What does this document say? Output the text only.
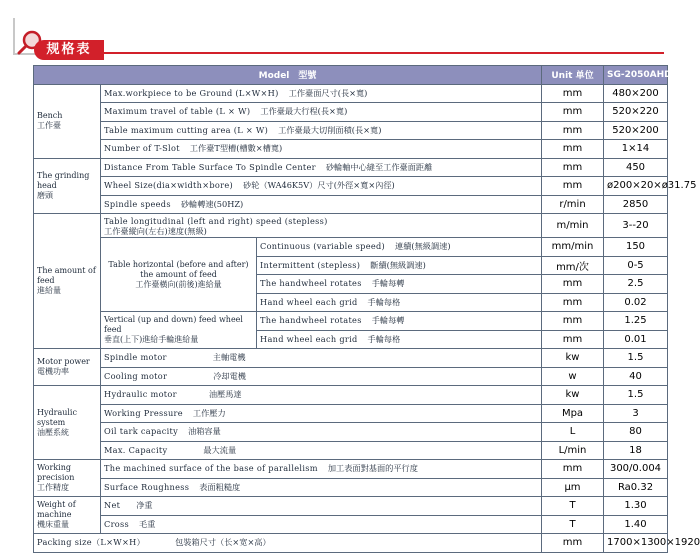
规格表
Model　型號			Unit 单位	SG-2050AHD
Bench
工作臺	Max.workpiece to be Ground (L×W×H) 工作臺面尺寸(長×寬)		mm	480×200
	Maximum travel of table (L × W) 工作臺最大行程(長×寬)		mm	520×220
	Table maximum cutting area (L × W) 工作臺最大切削面積(長×寬)		mm	520×200
	Number of T-Slot 工作臺T型槽(槽數×槽寬)		mm	1×14
The grinding head
磨頭	Distance From Table Surface To Spindle Center 砂輪軸中心縫至工作臺面距離		mm	450
	Wheel Size(dia×width×bore) 砂轮（WA46K5V）尺寸(外徑×寬×內徑)		mm	ø200×20×ø31.75
	Spindle speeds 砂輪轉速(50HZ)		r/min	2850
The amount of feed
進給量	Table longitudinal (left and right) speed (stepless)
工作臺縱向(左右)速度(無級)		m/min	3--20
	Table horizontal (before and after) the amount of feed
工作臺橫向(前後)進給量	Continuous (variable speed) 連續(無級調速)	mm/min	150
		Intermittent (stepless) 斷續(無級調速)	mm/次	0-5
		The handwheel rotates 手輪每轉	mm	2.5
		Hand wheel each grid 手輪每格	mm	0.02
	Vertical (up and down) feed wheel feed
垂直(上下)進給手輪進給量	The handwheel rotates 手輪每轉	mm	1.25
		Hand wheel each grid 手輪每格	mm	0.01
Motor power
電機功率	Spindle motor 主軸電機		kw	1.5
	Cooling motor 冷却電機		w	40
Hydraulic system
油壓系統	Hydraulic motor 油壓馬達		kw	1.5
	Working Pressure 工作壓力		Mpa	3
	Oil tark capacity 油箱容量		L	80
	Max. Capacity 最大流量		L/min	18
Working precision
工作精度	The machined surface of the base of parallelism 加工表面對基面的平行度		mm	300/0.004
	Surface Roughness 表面粗糙度		μm	Ra0.32
Weight of machine
機床重量	Net 净重		T	1.30
	Cross 毛重		T	1.40
Packing size（L×W×H） 包裝箱尺寸（长×宽×高）			mm	1700×1300×1920
